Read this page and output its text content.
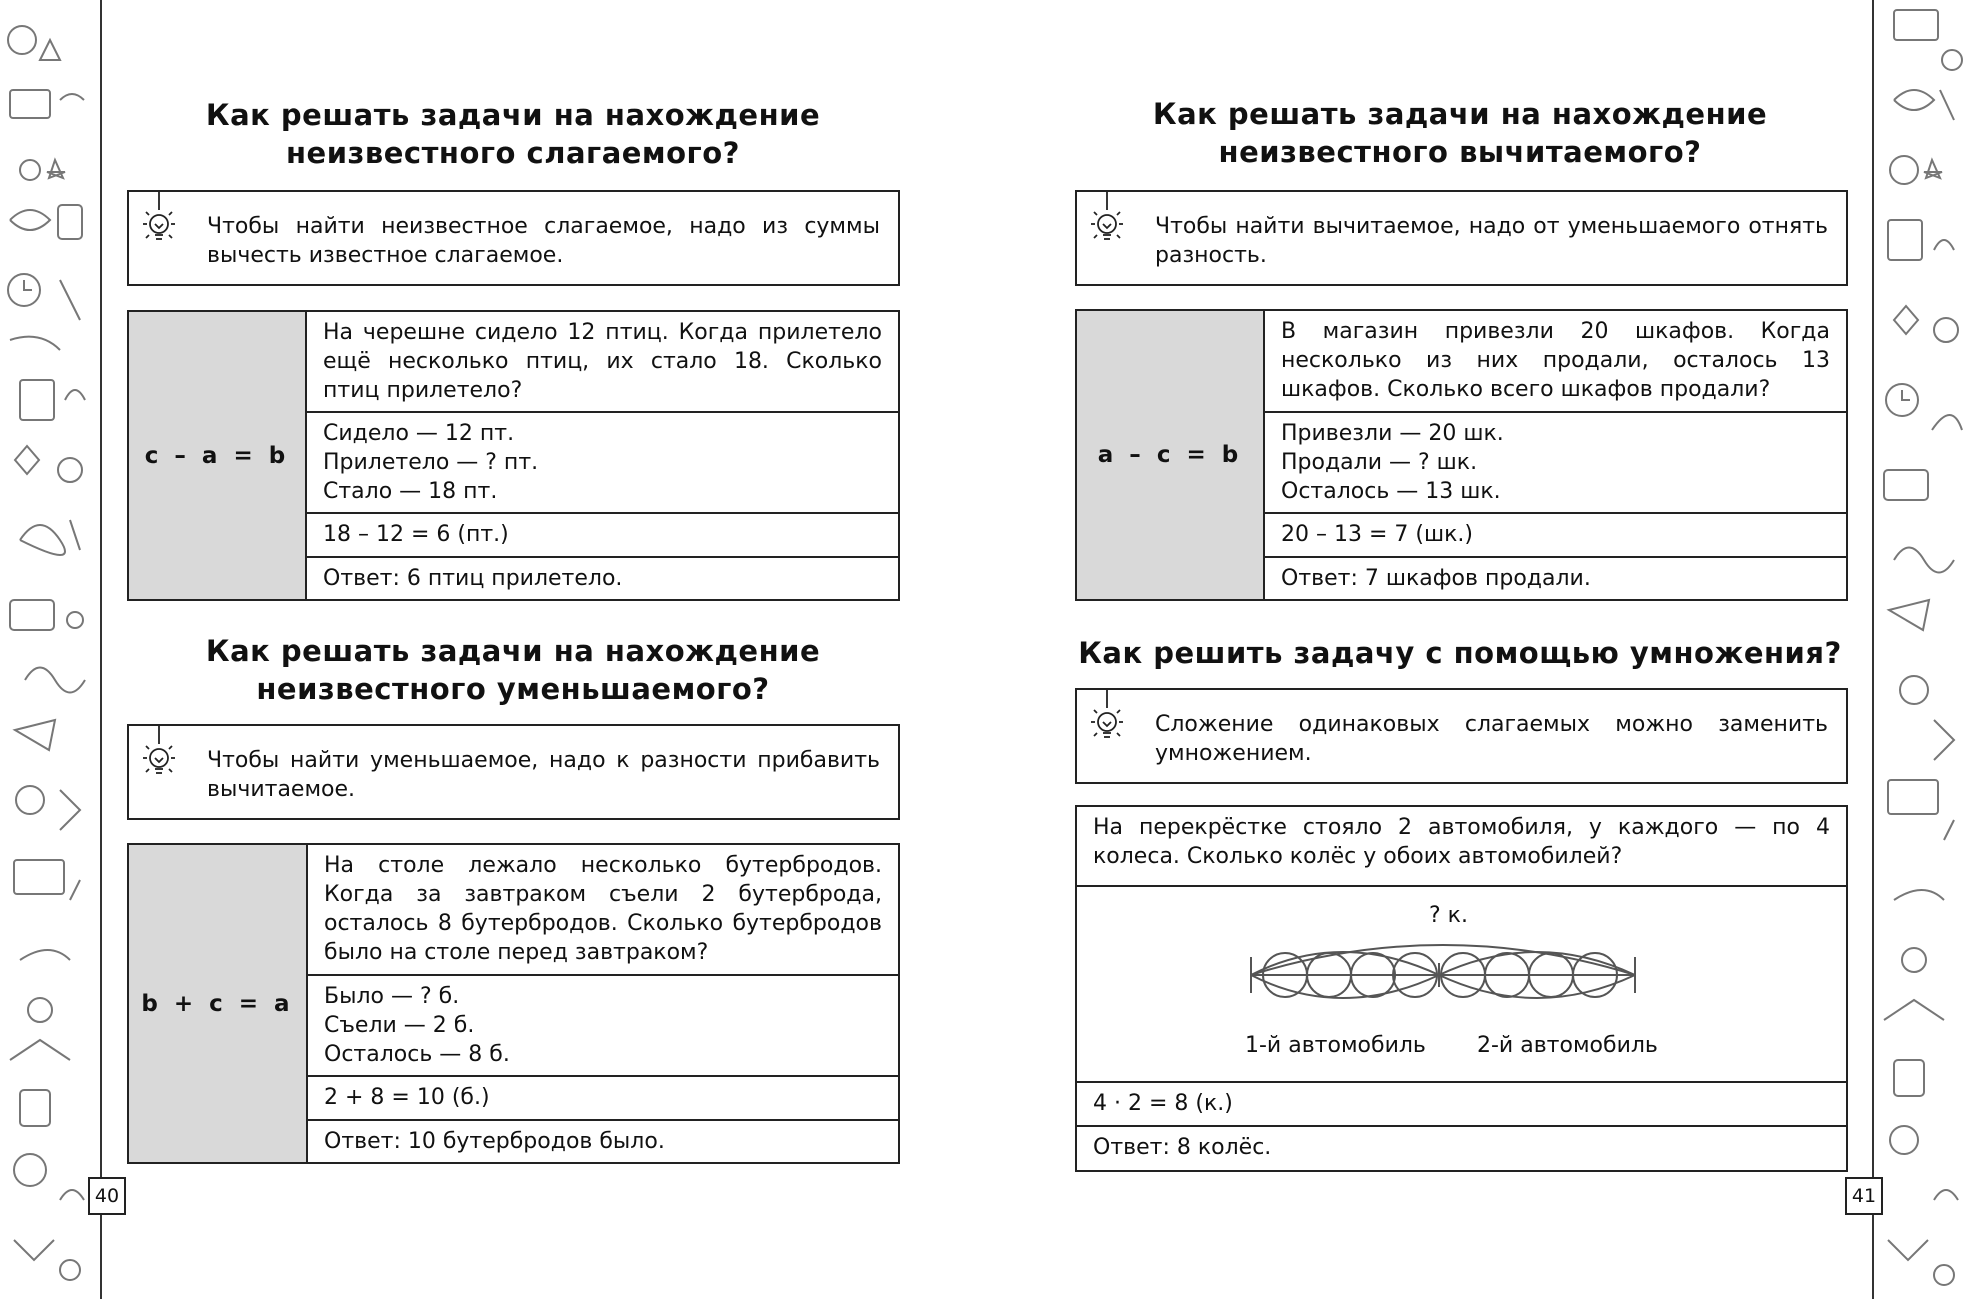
40	41
Как решать задачи на нахождение
неизвестного слагаемого?
Чтобы найти неизвестное слагаемое, надо из суммы вычесть известное слагаемое.
c – a = b
На черешне сидело 12 птиц. Когда прилетело ещё несколько птиц, их стало 18. Сколько птиц прилетело?
Сидело — 12 пт.
Прилетело — ? пт.
Стало — 18 пт.
18 – 12 = 6 (пт.)
Ответ: 6 птиц прилетело.
Как решать задачи на нахождение
неизвестного уменьшаемого?
Чтобы найти уменьшаемое, надо к разности прибавить вычитаемое.
b + c = a
На столе лежало несколько бутербродов. Когда за завтраком съели 2 бутерброда, осталось 8 бутербродов. Сколько бутербродов было на столе перед завтраком?
Было — ? б.
Съели — 2 б.
Осталось — 8 б.
2 + 8 = 10 (б.)
Ответ: 10 бутербродов было.
Как решать задачи на нахождение
неизвестного вычитаемого?
Чтобы найти вычитаемое, надо от уменьшаемого отнять разность.
a – c = b
В магазин привезли 20 шкафов. Когда несколько из них продали, осталось 13 шкафов. Сколько всего шкафов продали?
Привезли — 20 шк.
Продали — ? шк.
Осталось — 13 шк.
20 – 13 = 7 (шк.)
Ответ: 7 шкафов продали.
Как решить задачу с помощью умножения?
Сложение одинаковых слагаемых можно заменить умножением.
На перекрёстке стояло 2 автомобиля, у каждого — по 4 колеса. Сколько колёс у обоих автомобилей?
? к.
1-й автомобиль 2-й автомобиль
4 · 2 = 8 (к.)
Ответ: 8 колёс.
